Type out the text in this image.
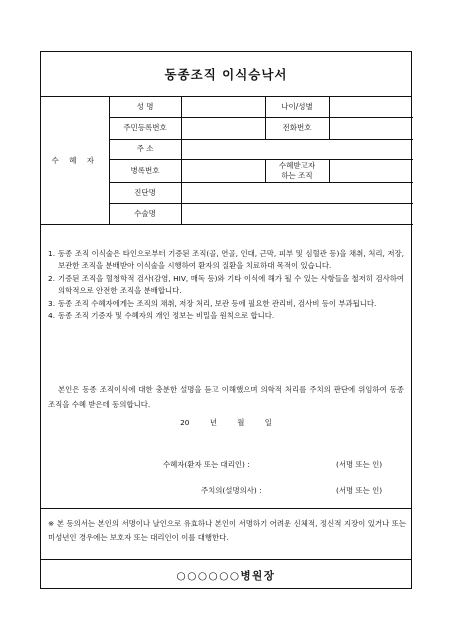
동종조직 이식승낙서
수 혜 자	성 명		나이/성별	
	주민등록번호		전화번호	
	주 소			
	병록번호		수혜받고자
하는 조직	

	진단명			
	수술명			
1. 동종 조직 이식술은 타인으로부터 기증된 조직(골, 연골, 인대, 근막, 피부 및 심혈관 등)을 채취, 처리, 저장, 보관한 조직을 분배받아 이식술을 시행하여 환자의 질환을 치료하대 목적이 있습니다.
2. 기증된 조직을 혈청학적 검사(감염, HIV, 매독 등)와 기타 이식에 해가 될 수 있는 사항들을 철저히 검사하여 의학적으로 안전한 조직을 분배합니다.
3. 동종 조직 수혜자에게는 조직의 채취, 저장 처리, 보관 등에 필요한 관리비, 검사비 등이 부과됩니다.
4. 동종 조직 기증자 및 수혜자의 개인 정보는 비밀을 원칙으로 합니다.
본인은 동종 조직이식에 대한 충분한 설명을 듣고 이해했으며 의학적 처리를 주치의 판단에 위임하여 동종 조직을 수혜 받은데 동의합니다.
20 년 월 일
수혜자(환자 또는 대리인) :	(서명 또는 인)
주치의(설명의사) :	(서명 또는 인)
※ 본 동의서는 본인의 서명이나 날인으로 유효하나 본인이 서명하기 어려운 신체적, 정신적 지장이 있거나 또는 미성년인 경우에는 보호자 또는 대리인이 이를 대행한다.
○○○○○○병원장
